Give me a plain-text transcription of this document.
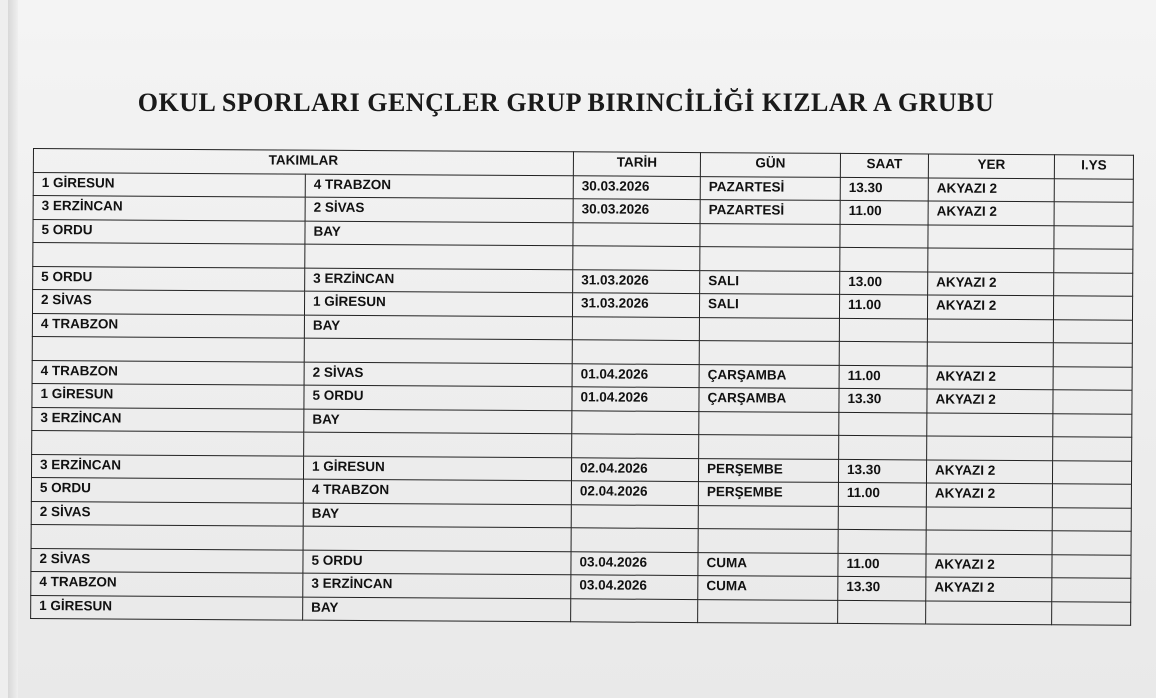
OKUL SPORLARI GENÇLER GRUP BIRINCİLİĞİ KIZLAR A GRUBU
TAKIMLAR		TARİH	GÜN	SAAT	YER	I.YS
1 GİRESUN	4 TRABZON	30.03.2026	PAZARTESİ	13.30	AKYAZI 2	
3 ERZİNCAN	2 SİVAS	30.03.2026	PAZARTESİ	11.00	AKYAZI 2	
5 ORDU	BAY					

5 ORDU	3 ERZİNCAN	31.03.2026	SALI	13.00	AKYAZI 2	
2 SİVAS	1 GİRESUN	31.03.2026	SALI	11.00	AKYAZI 2	
4 TRABZON	BAY					

4 TRABZON	2 SİVAS	01.04.2026	ÇARŞAMBA	11.00	AKYAZI 2	
1 GİRESUN	5 ORDU	01.04.2026	ÇARŞAMBA	13.30	AKYAZI 2	
3 ERZİNCAN	BAY					

3 ERZİNCAN	1 GİRESUN	02.04.2026	PERŞEMBE	13.30	AKYAZI 2	
5 ORDU	4 TRABZON	02.04.2026	PERŞEMBE	11.00	AKYAZI 2	
2 SİVAS	BAY					

2 SİVAS	5 ORDU	03.04.2026	CUMA	11.00	AKYAZI 2	
4 TRABZON	3 ERZİNCAN	03.04.2026	CUMA	13.30	AKYAZI 2	
1 GİRESUN	BAY					
